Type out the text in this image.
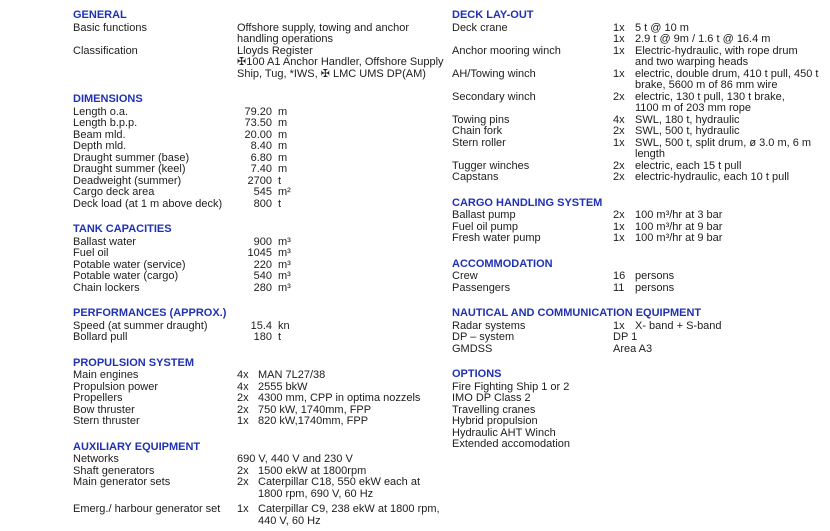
GENERAL
Basic functions	Offshore supply, towing and anchor
handling operations
Classification	Lloyds Register
✠100 A1 Anchor Handler, Offshore Supply
Ship, Tug, *IWS, ✠ LMC UMS DP(AM)
DIMENSIONS
Length o.a.	79.20 m
Length b.p.p.	73.50 m
Beam mld.	20.00 m
Depth mld.	8.40 m
Draught summer (base)	6.80 m
Draught summer (keel)	7.40 m
Deadweight (summer)	2700 t
Cargo deck area	545 m²
Deck load (at 1 m above deck)	800 t
TANK CAPACITIES
Ballast water	900 m³
Fuel oil	1045 m³
Potable water (service)	220 m³
Potable water (cargo)	540 m³
Chain lockers	280 m³
PERFORMANCES (APPROX.)
Speed (at summer draught)	15.4 kn
Bollard pull	180 t
PROPULSION SYSTEM
Main engines	4x MAN 7L27/38
Propulsion power	4x 2555 bkW
Propellers	2x 4300 mm, CPP in optima nozzels
Bow thruster	2x 750 kW, 1740mm, FPP
Stern thruster	1x 820 kW,1740mm, FPP
AUXILIARY EQUIPMENT
Networks	690 V, 440 V and 230 V
Shaft generators	2x 1500 ekW at 1800rpm
Main generator sets	2x Caterpillar C18, 550 ekW each at
1800 rpm, 690 V, 60 Hz
Emerg./ harbour generator set	1x Caterpillar C9, 238 ekW at 1800 rpm,
440 V, 60 Hz
DECK LAY-OUT
Deck crane	1x 5 t @ 10 m
1x 2.9 t @ 9m / 1.6 t @ 16.4 m
Anchor mooring winch	1x Electric-hydraulic, with rope drum
and two warping heads
AH/Towing winch	1x electric, double drum, 410 t pull, 450 t
brake, 5600 m of 86 mm wire
Secondary winch	2x electric, 130 t pull, 130 t brake,
1100 m of 203 mm rope
Towing pins	4x SWL, 180 t, hydraulic
Chain fork	2x SWL, 500 t, hydraulic
Stern roller	1x SWL, 500 t, split drum, ø 3.0 m, 6 m
length
Tugger winches	2x electric, each 15 t pull
Capstans	2x electric-hydraulic, each 10 t pull
CARGO HANDLING SYSTEM
Ballast pump	2x 100 m³/hr at 3 bar
Fuel oil pump	1x 100 m³/hr at 9 bar
Fresh water pump	1x 100 m³/hr at 9 bar
ACCOMMODATION
Crew	16 persons
Passengers	11 persons
NAUTICAL AND COMMUNICATION EQUIPMENT
Radar systems	1x X- band + S-band
DP – system	DP 1
GMDSS	Area A3
OPTIONS
Fire Fighting Ship 1 or 2
IMO DP Class 2
Travelling cranes
Hybrid propulsion
Hydraulic AHT Winch
Extended accomodation
